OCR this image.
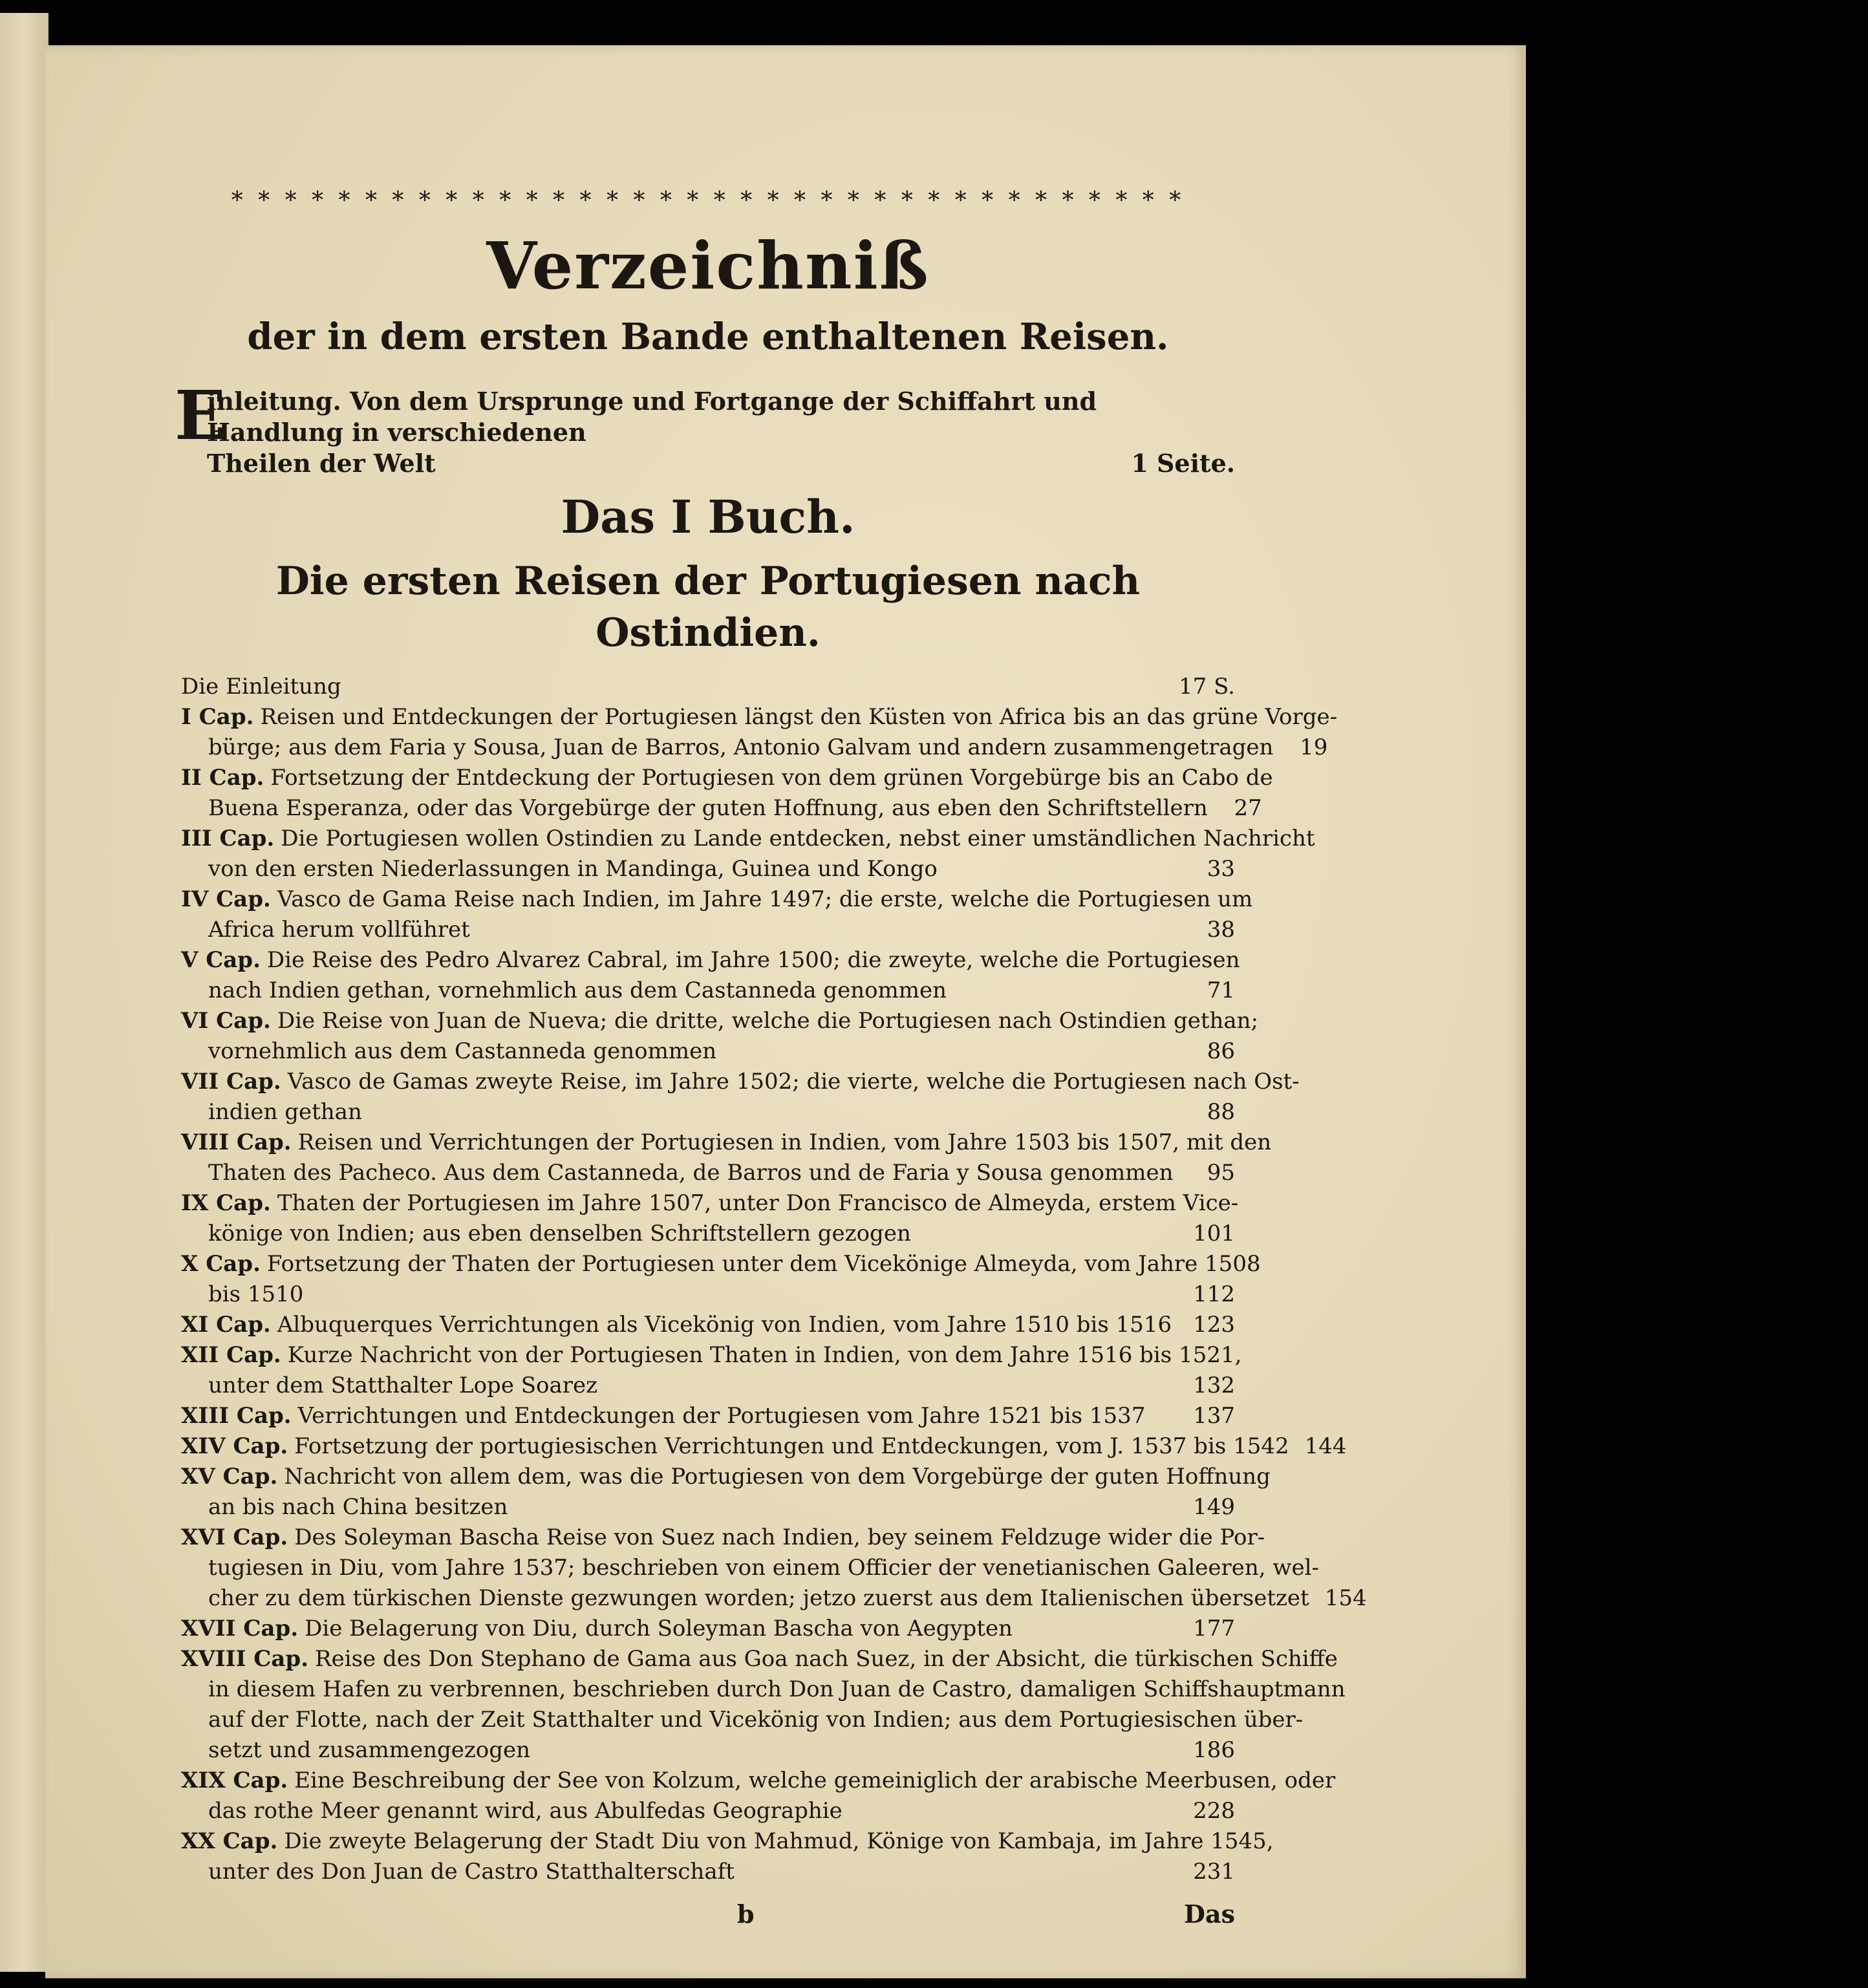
* * * * * * * * * * * * * * * * * * * * * * * * * * * * * * * * * * * *
Verzeichniß
der in dem ersten Bande enthaltenen Reisen.
E
inleitung. Von dem Ursprunge und Fortgange der Schiffahrt und Handlung in verschiedenen
Theilen der Welt	1 Seite.
Das I Buch.
Die ersten Reisen der Portugiesen nach Ostindien.
Die Einleitung	17 S.
I Cap. Reisen und Entdeckungen der Portugiesen längst den Küsten von Africa bis an das grüne Vorge-
bürge; aus dem Faria y Sousa, Juan de Barros, Antonio Galvam und andern zusammengetragen	19
II Cap. Fortsetzung der Entdeckung der Portugiesen von dem grünen Vorgebürge bis an Cabo de
Buena Esperanza, oder das Vorgebürge der guten Hoffnung, aus eben den Schriftstellern	27
III Cap. Die Portugiesen wollen Ostindien zu Lande entdecken, nebst einer umständlichen Nachricht
von den ersten Niederlassungen in Mandinga, Guinea und Kongo	33
IV Cap. Vasco de Gama Reise nach Indien, im Jahre 1497; die erste, welche die Portugiesen um
Africa herum vollführet	38
V Cap. Die Reise des Pedro Alvarez Cabral, im Jahre 1500; die zweyte, welche die Portugiesen
nach Indien gethan, vornehmlich aus dem Castanneda genommen	71
VI Cap. Die Reise von Juan de Nueva; die dritte, welche die Portugiesen nach Ostindien gethan;
vornehmlich aus dem Castanneda genommen	86
VII Cap. Vasco de Gamas zweyte Reise, im Jahre 1502; die vierte, welche die Portugiesen nach Ost-
indien gethan	88
VIII Cap. Reisen und Verrichtungen der Portugiesen in Indien, vom Jahre 1503 bis 1507, mit den
Thaten des Pacheco. Aus dem Castanneda, de Barros und de Faria y Sousa genommen	95
IX Cap. Thaten der Portugiesen im Jahre 1507, unter Don Francisco de Almeyda, erstem Vice-
könige von Indien; aus eben denselben Schriftstellern gezogen	101
X Cap. Fortsetzung der Thaten der Portugiesen unter dem Vicekönige Almeyda, vom Jahre 1508
bis 1510	112
XI Cap. Albuquerques Verrichtungen als Vicekönig von Indien, vom Jahre 1510 bis 1516 123
XII Cap. Kurze Nachricht von der Portugiesen Thaten in Indien, von dem Jahre 1516 bis 1521,
unter dem Statthalter Lope Soarez	132
XIII Cap. Verrichtungen und Entdeckungen der Portugiesen vom Jahre 1521 bis 1537	137
XIV Cap. Fortsetzung der portugiesischen Verrichtungen und Entdeckungen, vom J. 1537 bis 1542 144
XV Cap. Nachricht von allem dem, was die Portugiesen von dem Vorgebürge der guten Hoffnung
an bis nach China besitzen	149
XVI Cap. Des Soleyman Bascha Reise von Suez nach Indien, bey seinem Feldzuge wider die Por-
tugiesen in Diu, vom Jahre 1537; beschrieben von einem Officier der venetianischen Galeeren, wel-
cher zu dem türkischen Dienste gezwungen worden; jetzo zuerst aus dem Italienischen übersetzet 154
XVII Cap. Die Belagerung von Diu, durch Soleyman Bascha von Aegypten	177
XVIII Cap. Reise des Don Stephano de Gama aus Goa nach Suez, in der Absicht, die türkischen Schiffe
in diesem Hafen zu verbrennen, beschrieben durch Don Juan de Castro, damaligen Schiffshauptmann
auf der Flotte, nach der Zeit Statthalter und Vicekönig von Indien; aus dem Portugiesischen über-
setzt und zusammengezogen	186
XIX Cap. Eine Beschreibung der See von Kolzum, welche gemeiniglich der arabische Meerbusen, oder
das rothe Meer genannt wird, aus Abulfedas Geographie	228
XX Cap. Die zweyte Belagerung der Stadt Diu von Mahmud, Könige von Kambaja, im Jahre 1545,
unter des Don Juan de Castro Statthalterschaft	231
b	Das
